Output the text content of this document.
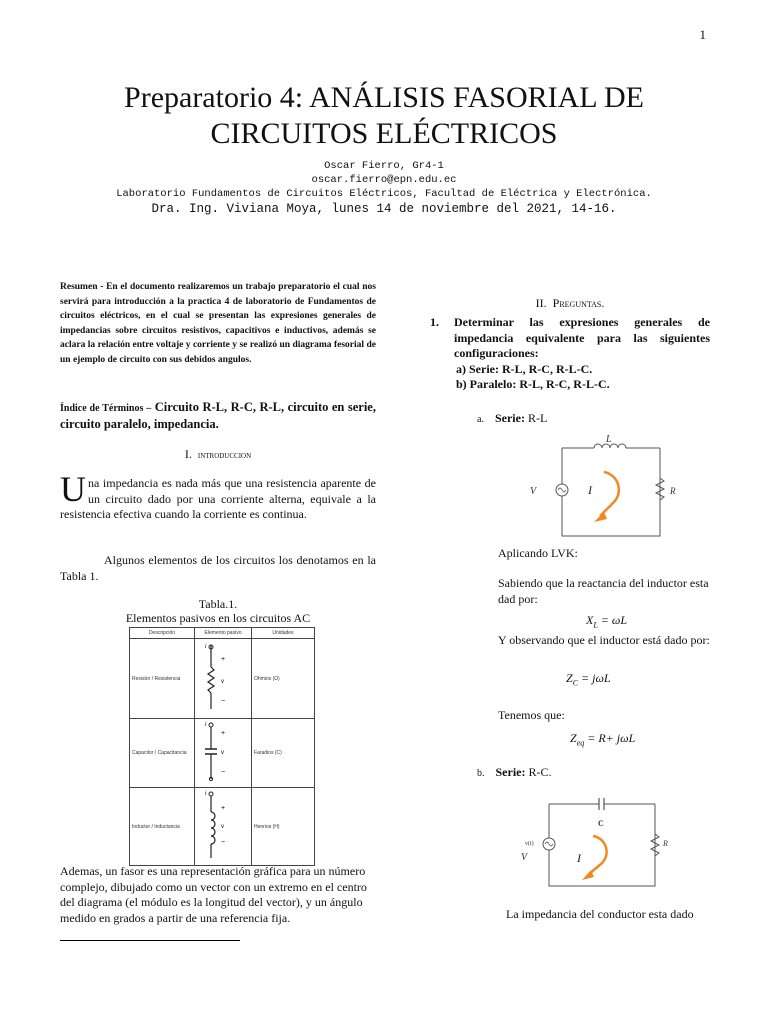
1
Preparatorio 4: ANÁLISIS FASORIAL DE
CIRCUITOS ELÉCTRICOS
Oscar Fierro, Gr4-1
oscar.fierro@epn.edu.ec
Laboratorio Fundamentos de Circuitos Eléctricos, Facultad de Eléctrica y Electrónica.
Dra. Ing. Viviana Moya, lunes 14 de noviembre del 2021, 14-16.
Resumen - En el documento realizaremos un trabajo preparatorio el cual nos servirá para introducción a la practica 4 de laboratorio de Fundamentos de circuitos eléctricos, en el cual se presentan las expresiones generales de impedancias sobre circuitos resistivos, capacitivos e inductivos, además se aclara la relación entre voltaje y corriente y se realizó un diagrama fesorial de un ejemplo de circuito con sus debidos angulos.
Índice de Términos – Circuito R-L, R-C, R-L, circuito en serie, circuito paralelo, impedancia.
I. introduccion
Una impedancia es nada más que una resistencia aparente de un circuito dado por una corriente alterna, equivale a la resistencia efectiva cuando la corriente es continua.
Algunos elementos de los circuitos los denotamos en la Tabla 1.
Tabla.1.
Elementos pasivos en los circuitos AC
Descripción	Elemento pasivo	Unidades
Resistor / Resistencia	i
+
v
−	Ohmios (Ω)
Capacitor / Capacitancia	i
+
v
−	Faradios (C)
Inductor / Inductancia	i
+
v
−	Henrios (H)
Ademas, un fasor es una representación gráfica para un número complejo, dibujado como un vector con un extremo en el centro del diagrama (el módulo es la longitud del vector), y un ángulo medido en grados a partir de una referencia fija.
II. Preguntas.
1. Determinar las expresiones generales de impedancia equivalente para las siguientes configuraciones:
a) Serie: R-L, R-C, R-L-C.
b) Paralelo: R-L, R-C, R-L-C.
a. Serie: R-L
L
V	I	R
Aplicando LVK:
Sabiendo que la reactancia del inductor esta dad por:
$X_L = \omega L$
Y observando que el inductor está dado por:
$Z_C = j\omega L$
Tenemos que:
$Z_{eq} = R+ j\omega L$
b. Serie: R-C.
C
v(t)
V	I
R
La impedancia del conductor esta dado
